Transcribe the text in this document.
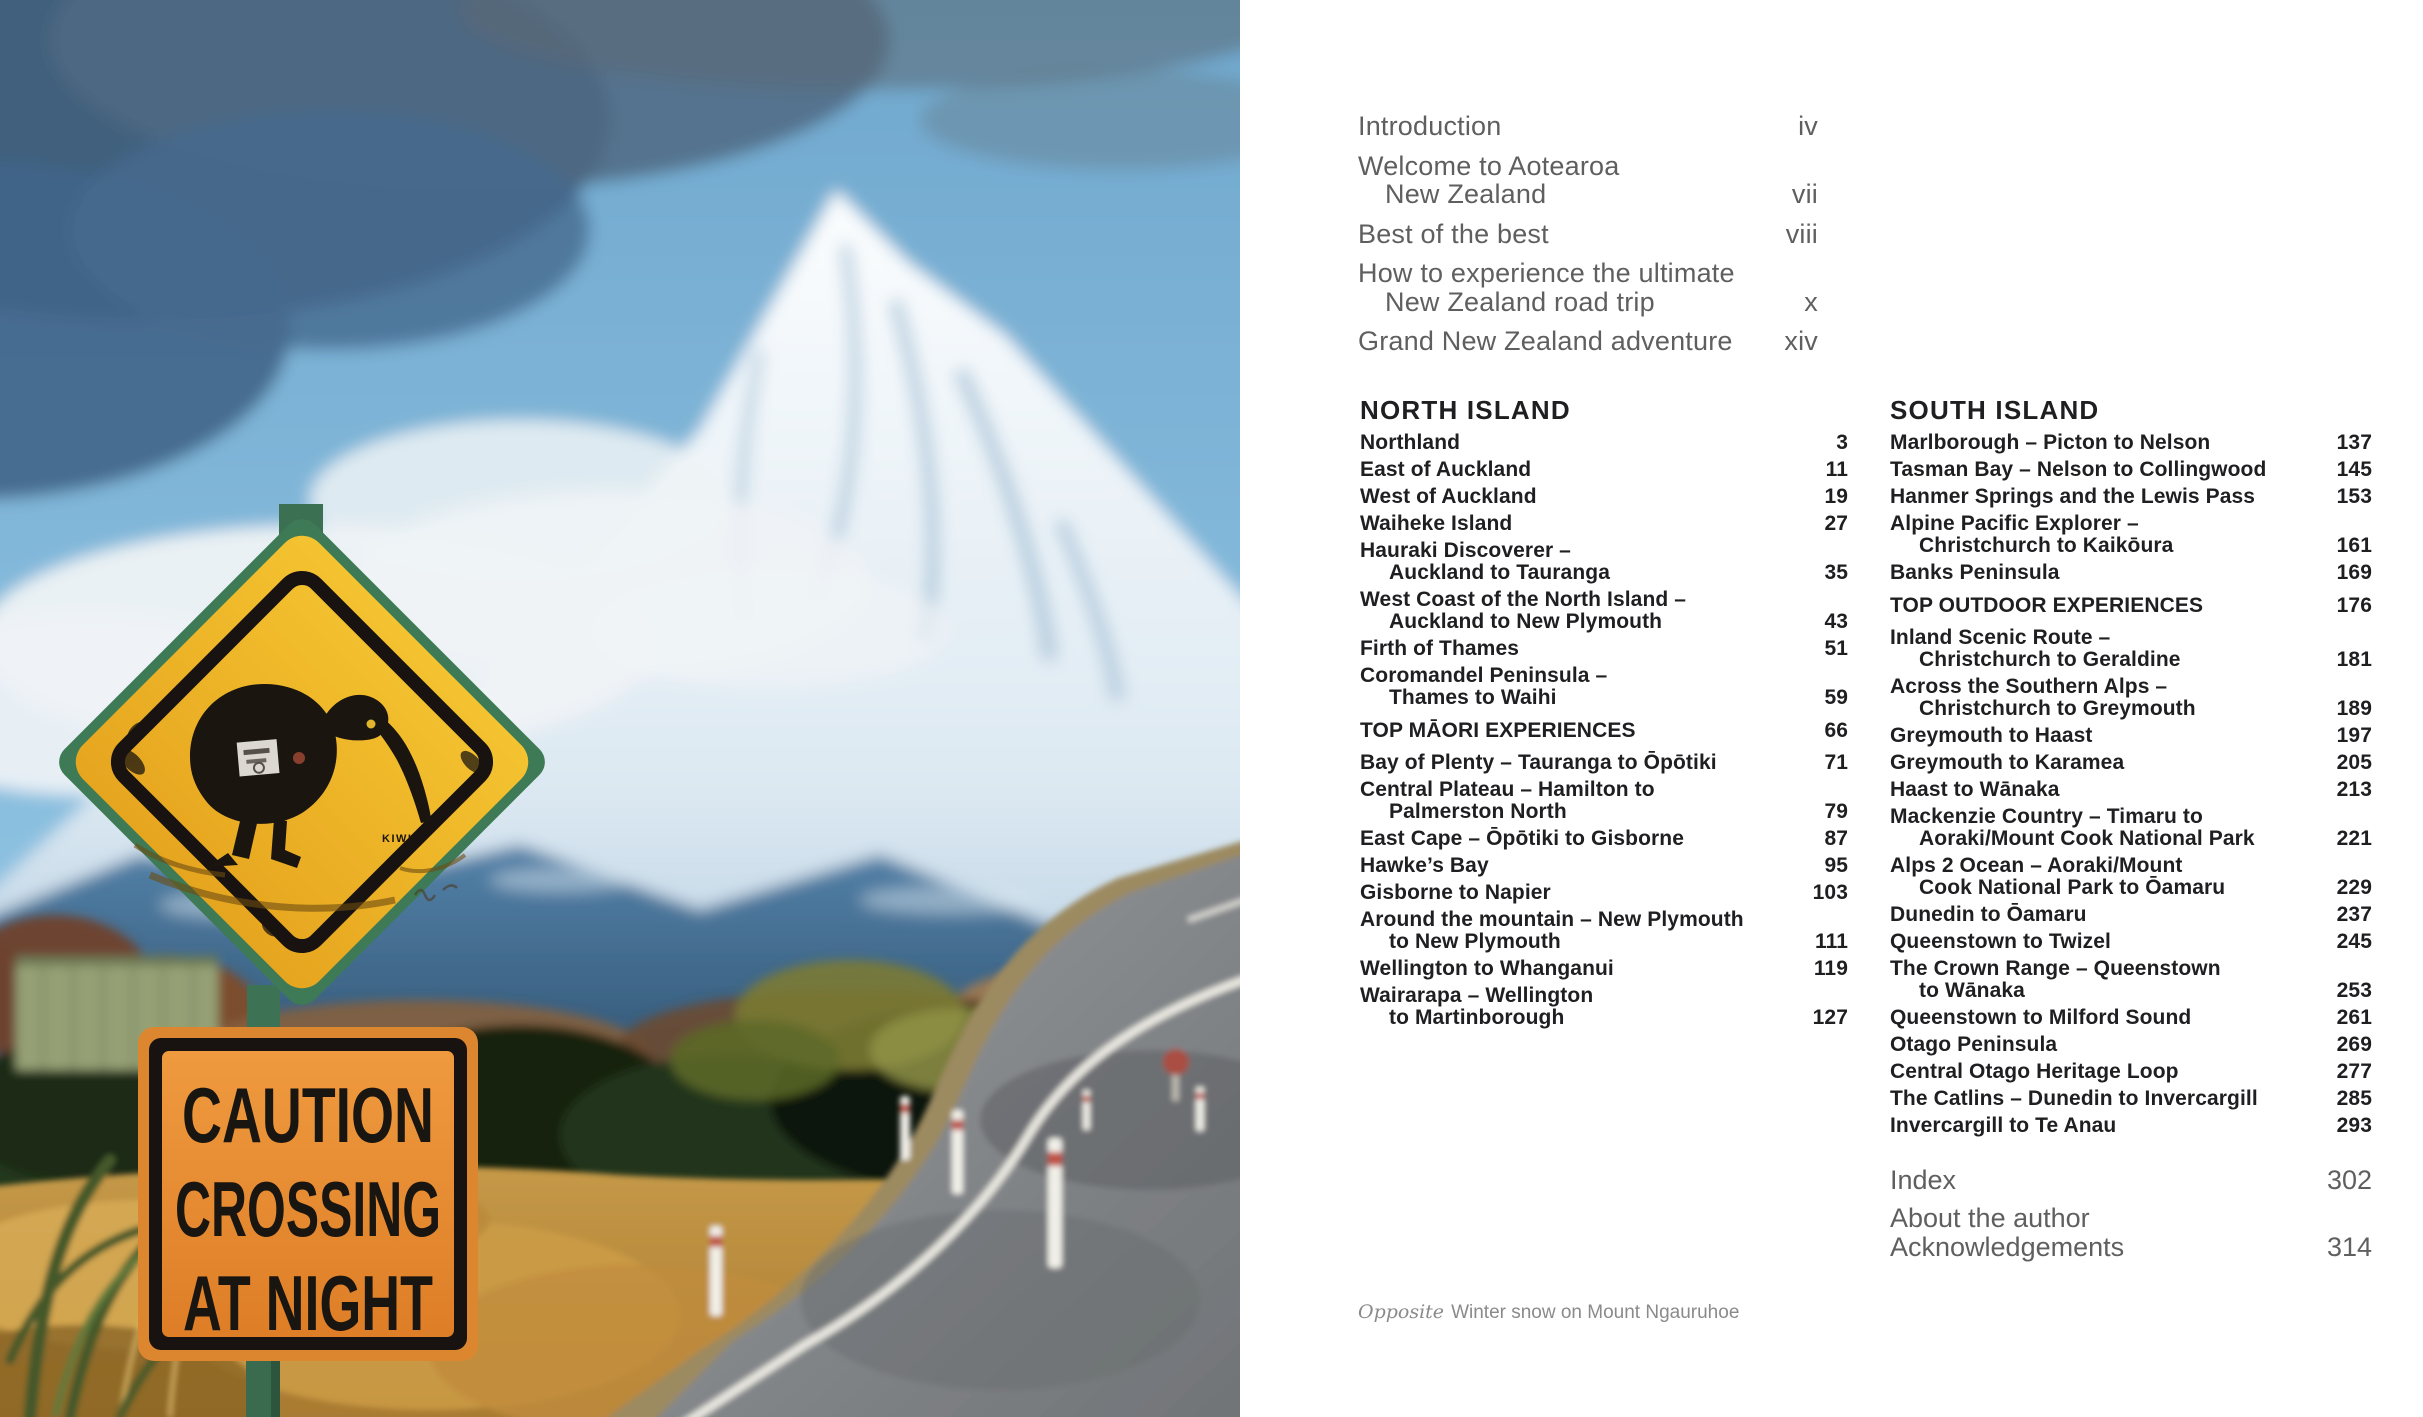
KIWI
CAUTION
CROSSING
AT NIGHT
Introduction	iv
Welcome to Aotearoa
New Zealand	vii
Best of the best	viii
How to experience the ultimate
New Zealand road trip	x
Grand New Zealand adventure	xiv
NORTH ISLAND
Northland	3
East of Auckland	11
West of Auckland	19
Waiheke Island	27
Hauraki Discoverer –
Auckland to Tauranga	35
West Coast of the North Island –
Auckland to New Plymouth	43
Firth of Thames	51
Coromandel Peninsula –
Thames to Waihi	59
TOP MĀORI EXPERIENCES	66
Bay of Plenty – Tauranga to Ōpōtiki	71
Central Plateau – Hamilton to
Palmerston North	79
East Cape – Ōpōtiki to Gisborne	87
Hawke’s Bay	95
Gisborne to Napier	103
Around the mountain – New Plymouth
to New Plymouth	111
Wellington to Whanganui	119
Wairarapa – Wellington
to Martinborough	127
SOUTH ISLAND
Marlborough – Picton to Nelson	137
Tasman Bay – Nelson to Collingwood	145
Hanmer Springs and the Lewis Pass	153
Alpine Pacific Explorer –
Christchurch to Kaikōura	161
Banks Peninsula	169
TOP OUTDOOR EXPERIENCES	176
Inland Scenic Route –
Christchurch to Geraldine	181
Across the Southern Alps –
Christchurch to Greymouth	189
Greymouth to Haast	197
Greymouth to Karamea	205
Haast to Wānaka	213
Mackenzie Country – Timaru to
Aoraki/Mount Cook National Park	221
Alps 2 Ocean – Aoraki/Mount
Cook National Park to Ōamaru	229
Dunedin to Ōamaru	237
Queenstown to Twizel	245
The Crown Range – Queenstown
to Wānaka	253
Queenstown to Milford Sound	261
Otago Peninsula	269
Central Otago Heritage Loop	277
The Catlins – Dunedin to Invercargill	285
Invercargill to Te Anau	293
Index	302
About the author
Acknowledgements	314
Opposite Winter snow on Mount Ngauruhoe
